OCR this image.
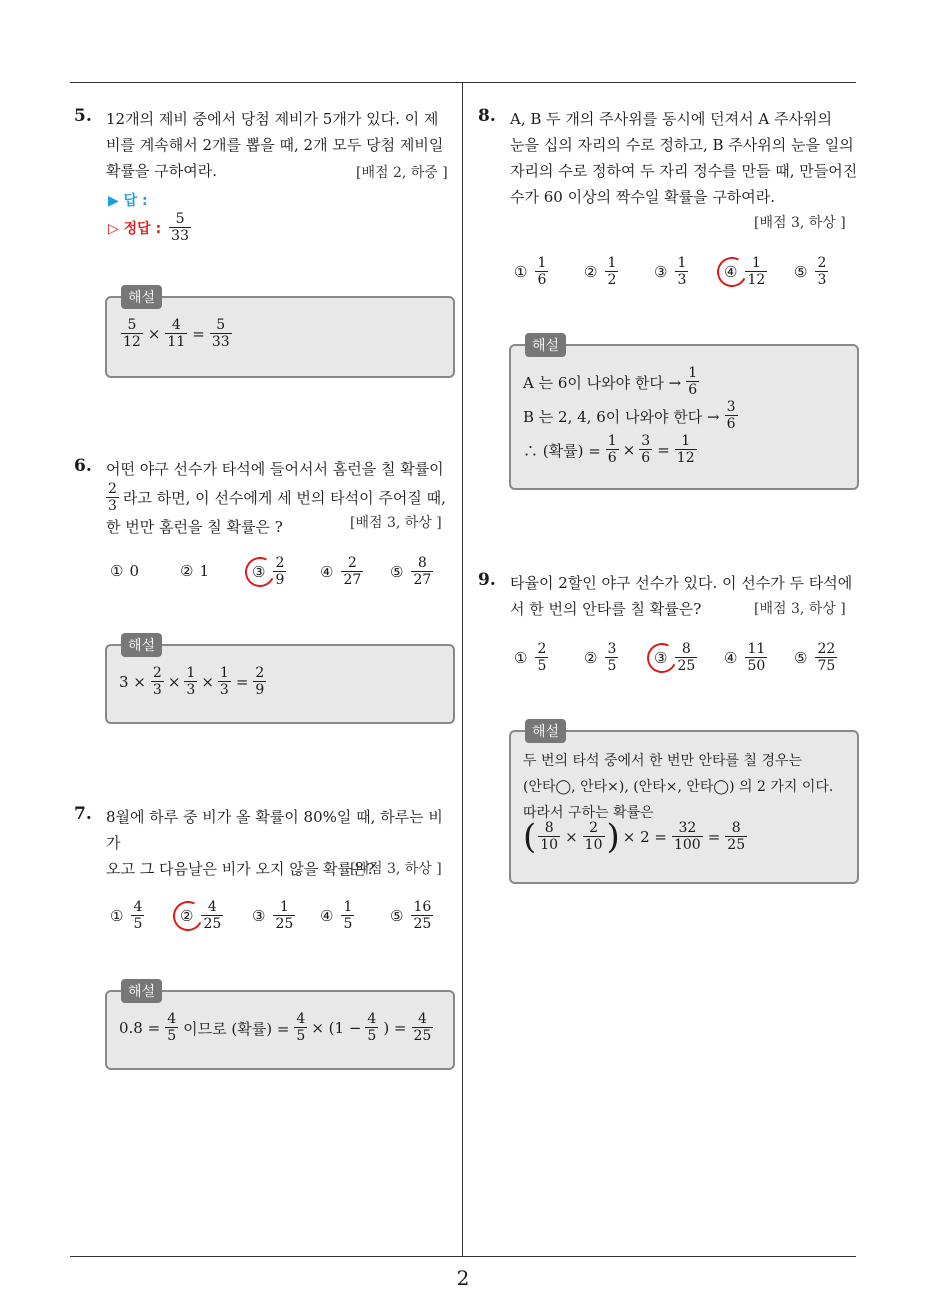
2
5. 12개의 제비 중에서 당첨 제비가 5개가 있다. 이 제
비를 계속해서 2개를 뽑을 때, 2개 모두 당첨 제비일
확률을 구하여라.	[배점 2, 하중 ]
▶ 답 :
▷ 정답 : $\frac{5}{33}$
해설
$\frac{5}{12} \times \frac{4}{11} = \frac{5}{33}$
6. 어떤 야구 선수가 타석에 들어서서 홈런을 칠 확률이
$\frac{2}{3}$ 라고 하면, 이 선수에게 세 번의 타석이 주어질 때,
한 번만 홈런을 칠 확률은 ?	[배점 3, 하상 ]
① 0	② 1	③ $\frac{2}{9}$ ④ $\frac{2}{27}$ ⑤ $\frac{8}{27}$
해설
$3 \times \frac{2}{3} \times \frac{1}{3} \times \frac{1}{3} = \frac{2}{9}$
7. 8월에 하루 중 비가 올 확률이 80%일 때, 하루는 비가
오고 그 다음날은 비가 오지 않을 확률은?
[배점 3, 하상 ]
① $\frac{4}{5}$ ② $\frac{4}{25}$ ③ $\frac{1}{25}$ ④ $\frac{1}{5}$ ⑤ $\frac{16}{25}$
해설
$0.8 = \frac{4}{5}$ 이므로 (확률) = $\frac{4}{5} \times (1 - \frac{4}{5}$ ) = $\frac{4}{25}$
8. A, B 두 개의 주사위를 동시에 던져서 A 주사위의
눈을 십의 자리의 수로 정하고, B 주사위의 눈을 일의
자리의 수로 정하여 두 자리 정수를 만들 때, 만들어진
수가 60 이상의 짝수일 확률을 구하여라.
[배점 3, 하상 ]
① $\frac{1}{6}$ ② $\frac{1}{2}$ ③ $\frac{1}{3}$ ④ $\frac{1}{12}$ ⑤ $\frac{2}{3}$
해설
A 는 6이 나와야 한다 → $\frac{1}{6}$
B 는 2, 4, 6이 나와야 한다 → $\frac{3}{6}$
∴ (확률) = $\frac{1}{6} \times \frac{3}{6} = \frac{1}{12}$
9. 타율이 2할인 야구 선수가 있다. 이 선수가 두 타석에
서 한 번의 안타를 칠 확률은?	[배점 3, 하상 ]
① $\frac{2}{5}$ ② $\frac{3}{5}$ ③ $\frac{8}{25}$ ④ $\frac{11}{50}$ ⑤ $\frac{22}{75}$
해설
두 번의 타석 중에서 한 번만 안타를 칠 경우는
(안타◯, 안타×), (안타×, 안타◯) 의 2 가지 이다.
따라서 구하는 확률은
( $\frac{8}{10} \times \frac{2}{10}$ ) × $2 = \frac{32}{100} = \frac{8}{25}$
